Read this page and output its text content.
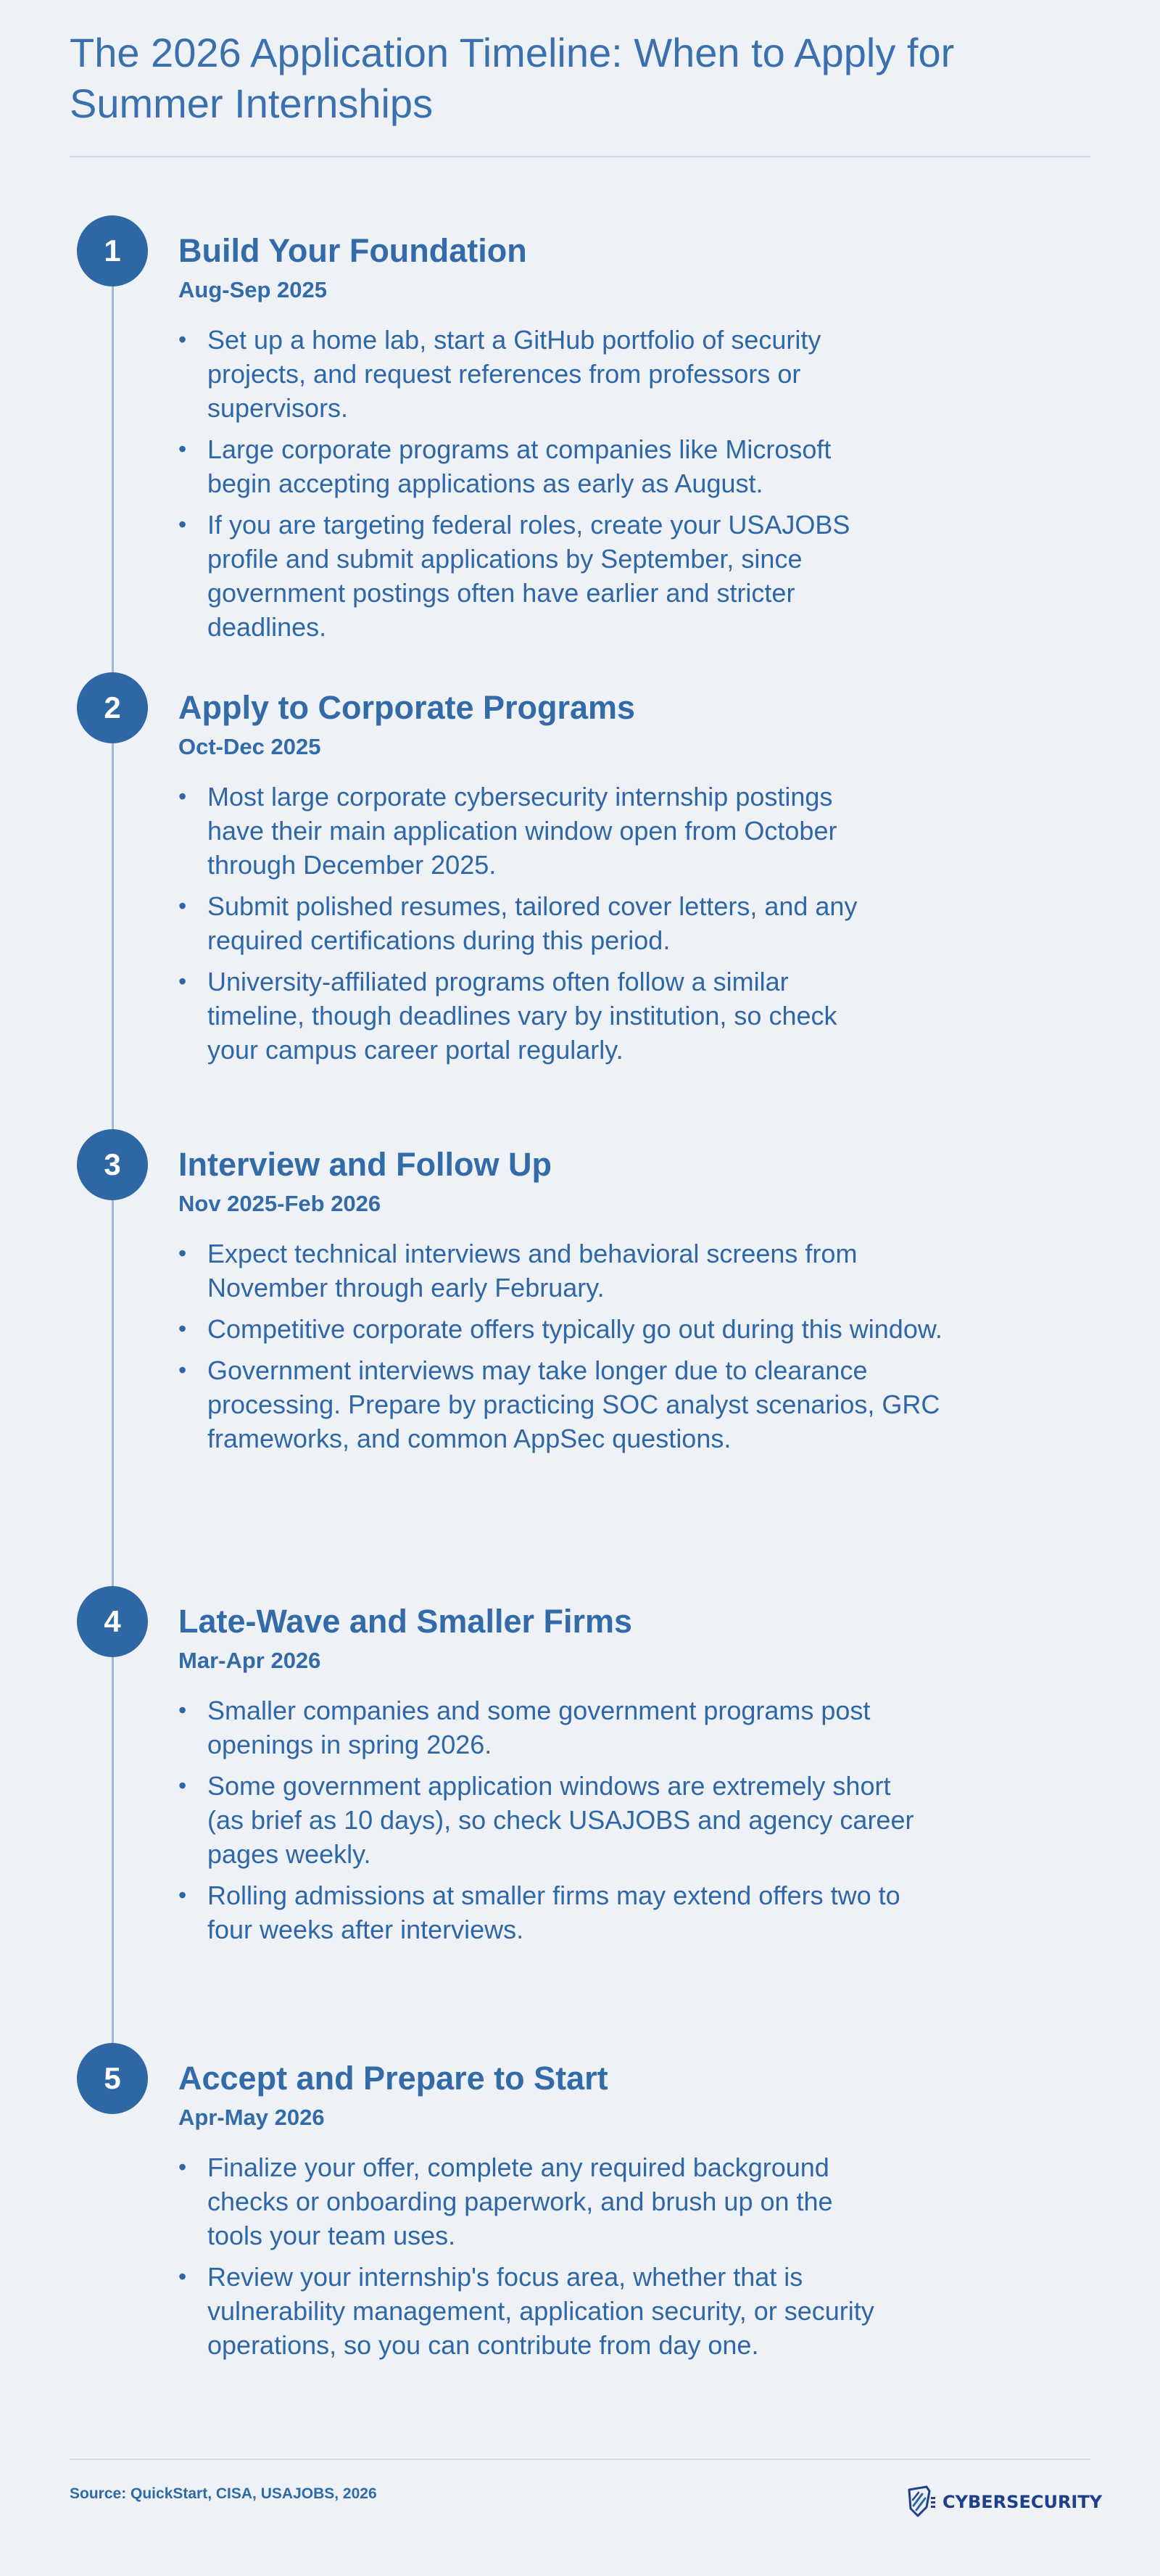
The 2026 Application Timeline: When to Apply for Summer Internships
1	Build Your Foundation
Aug-Sep 2025
• Set up a home lab, start a GitHub portfolio of security projects, and request references from professors or supervisors.
• Large corporate programs at companies like Microsoft begin accepting applications as early as August.
• If you are targeting federal roles, create your USAJOBS profile and submit applications by September, since government postings often have earlier and stricter deadlines.
2	Apply to Corporate Programs
Oct-Dec 2025
• Most large corporate cybersecurity internship postings have their main application window open from October through December 2025.
• Submit polished resumes, tailored cover letters, and any required certifications during this period.
• University-affiliated programs often follow a similar timeline, though deadlines vary by institution, so check your campus career portal regularly.
3	Interview and Follow Up
Nov 2025-Feb 2026
• Expect technical interviews and behavioral screens from November through early February.
• Competitive corporate offers typically go out during this window.
• Government interviews may take longer due to clearance processing. Prepare by practicing SOC analyst scenarios, GRC frameworks, and common AppSec questions.
4	Late-Wave and Smaller Firms
Mar-Apr 2026
• Smaller companies and some government programs post openings in spring 2026.
• Some government application windows are extremely short (as brief as 10 days), so check USAJOBS and agency career pages weekly.
• Rolling admissions at smaller firms may extend offers two to four weeks after interviews.
5	Accept and Prepare to Start
Apr-May 2026
• Finalize your offer, complete any required background checks or onboarding paperwork, and brush up on the tools your team uses.
• Review your internship's focus area, whether that is vulnerability management, application security, or security operations, so you can contribute from day one.
Source: QuickStart, CISA, USAJOBS, 2026	CYBERSECURITY
